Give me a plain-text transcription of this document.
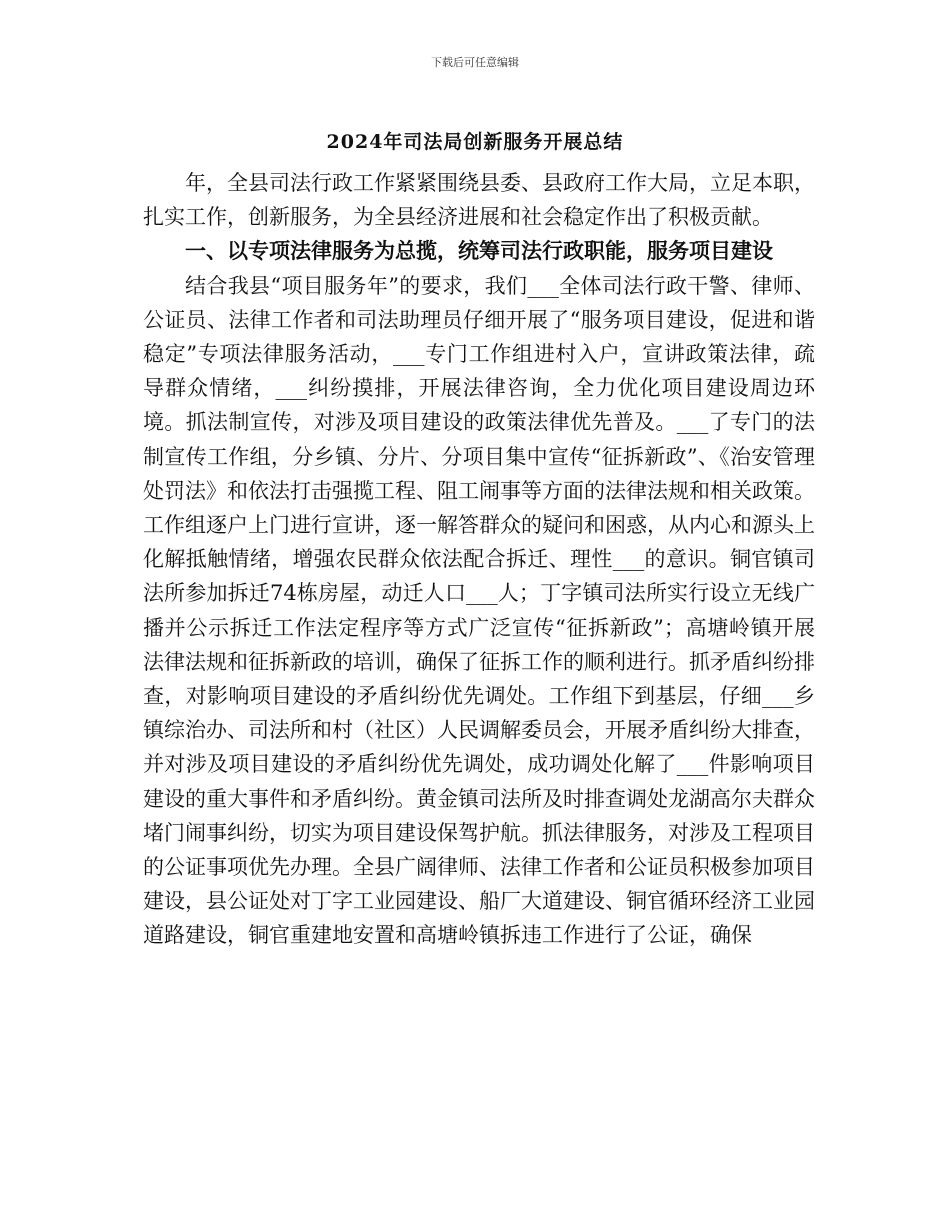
下载后可任意编辑
2024年司法局创新服务开展总结

年，全县司法行政工作紧紧围绕县委、县政府工作大局，立足本职，扎实工作，创新服务，为全县经济进展和社会稳定作出了积极贡献。

一、以专项法律服务为总揽，统筹司法行政职能，服务项目建设

结合我县“项目服务年”的要求，我们___全体司法行政干警、律师、公证员、法律工作者和司法助理员仔细开展了“服务项目建设，促进和谐稳定”专项法律服务活动，___专门工作组进村入户，宣讲政策法律，疏导群众情绪，___纠纷摸排，开展法律咨询，全力优化项目建设周边环境。抓法制宣传，对涉及项目建设的政策法律优先普及。___了专门的法制宣传工作组，分乡镇、分片、分项目集中宣传“征拆新政”、《治安管理处罚法》和依法打击强揽工程、阻工闹事等方面的法律法规和相关政策。工作组逐户上门进行宣讲，逐一解答群众的疑问和困惑，从内心和源头上化解抵触情绪，增强农民群众依法配合拆迁、理性___的意识。铜官镇司法所参加拆迁74栋房屋，动迁人口___人；丁字镇司法所实行设立无线广播并公示拆迁工作法定程序等方式广泛宣传“征拆新政”；高塘岭镇开展法律法规和征拆新政的培训，确保了征拆工作的顺利进行。抓矛盾纠纷排查，对影响项目建设的矛盾纠纷优先调处。工作组下到基层，仔细___乡镇综治办、司法所和村（社区）人民调解委员会，开展矛盾纠纷大排查，并对涉及项目建设的矛盾纠纷优先调处，成功调处化解了___件影响项目建设的重大事件和矛盾纠纷。黄金镇司法所及时排查调处龙湖高尔夫群众堵门闹事纠纷，切实为项目建设保驾护航。抓法律服务，对涉及工程项目的公证事项优先办理。全县广阔律师、法律工作者和公证员积极参加项目建设，县公证处对丁字工业园建设、船厂大道建设、铜官循环经济工业园道路建设，铜官重建地安置和高塘岭镇拆违工作进行了公证，确保
